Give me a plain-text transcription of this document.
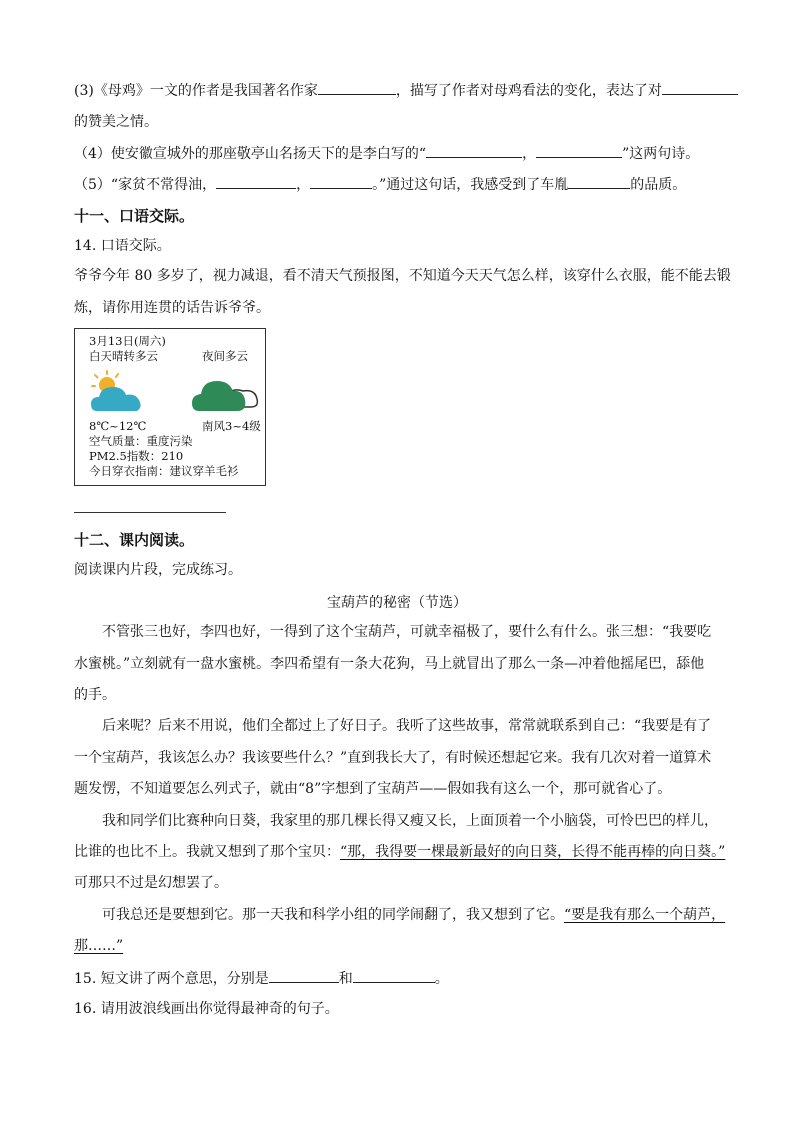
(3)《母鸡》一文的作者是我国著名作家	，描写了作者对母鸡看法的变化，表达了对
的赞美之情。
（4）使安徽宣城外的那座敬亭山名扬天下的是李白写的“	，	”这两句诗。
（5）“家贫不常得油，	，	。”通过这句话，我感受到了车胤	的品质。
十一、口语交际。
14. 口语交际。
爷爷今年 80 多岁了，视力减退，看不清天气预报图，不知道今天天气怎么样，该穿什么衣服，能不能去锻
炼，请你用连贯的话告诉爷爷。
3月13日(周六)
白天晴转多云	夜间多云
8℃~12℃	南风3~4级
空气质量：重度污染
PM2.5指数：210
今日穿衣指南：建议穿羊毛衫
十二、课内阅读。
阅读课内片段，完成练习。
宝葫芦的秘密（节选）
不管张三也好，李四也好，一得到了这个宝葫芦，可就幸福极了，要什么有什么。张三想：“我要吃
水蜜桃。”立刻就有一盘水蜜桃。李四希望有一条大花狗，马上就冒出了那么一条—冲着他摇尾巴，舔他
的手。
后来呢？后来不用说，他们全都过上了好日子。我听了这些故事，常常就联系到自己：“我要是有了
一个宝葫芦，我该怎么办？我该要些什么？”直到我长大了，有时候还想起它来。我有几次对着一道算术
题发愣，不知道要怎么列式子，就由“8”字想到了宝葫芦——假如我有这么一个，那可就省心了。
我和同学们比赛种向日葵，我家里的那几棵长得又瘦又长，上面顶着一个小脑袋，可怜巴巴的样儿，
比谁的也比不上。我就又想到了那个宝贝：“那，我得要一棵最新最好的向日葵，长得不能再棒的向日葵。”
可那只不过是幻想罢了。
可我总还是要想到它。那一天我和科学小组的同学闹翻了，我又想到了它。“要是我有那么一个葫芦，
那……”
15. 短文讲了两个意思，分别是	和	。
16. 请用波浪线画出你觉得最神奇的句子。
